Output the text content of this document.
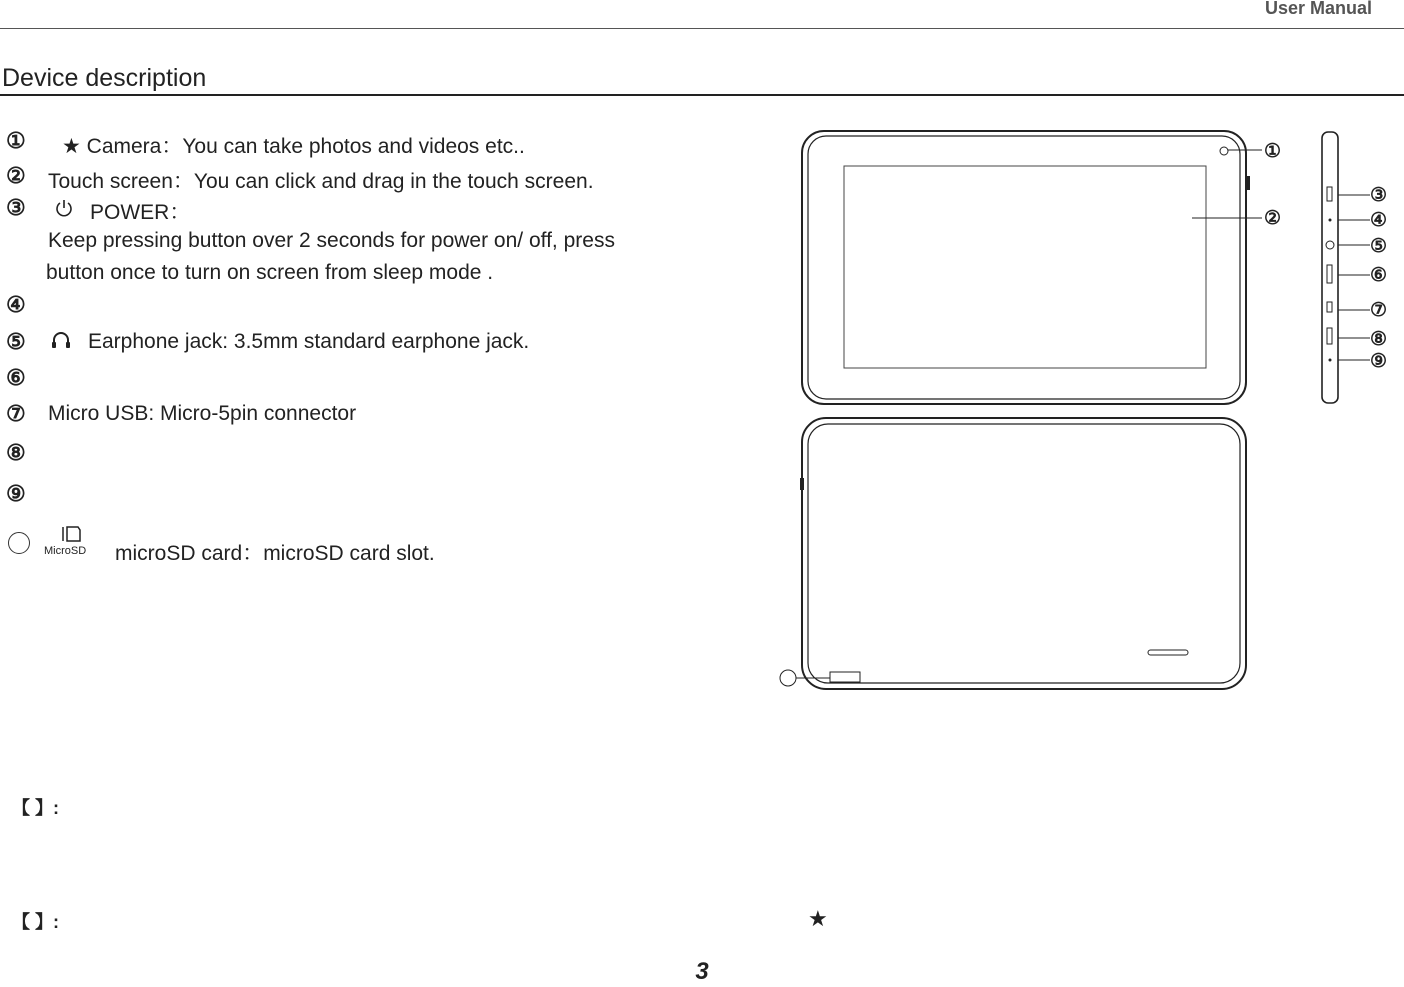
User Manual
Device description
① ★ Camera：You can take photos and videos etc..
② Touch screen：You can click and drag in the touch screen.
③	POWER：
Keep pressing button over 2 seconds for power on/ off, press
button once to turn on screen from sleep mode .
④
⑤	Earphone jack: 3.5mm standard earphone jack.
⑥
⑦ Micro USB: Micro-5pin connector
⑧
⑨
MicroSD microSD card：microSD card slot.
【 】:
【 】:	★
①
②
③
④
⑤
⑥
⑦
⑧
⑨
3
